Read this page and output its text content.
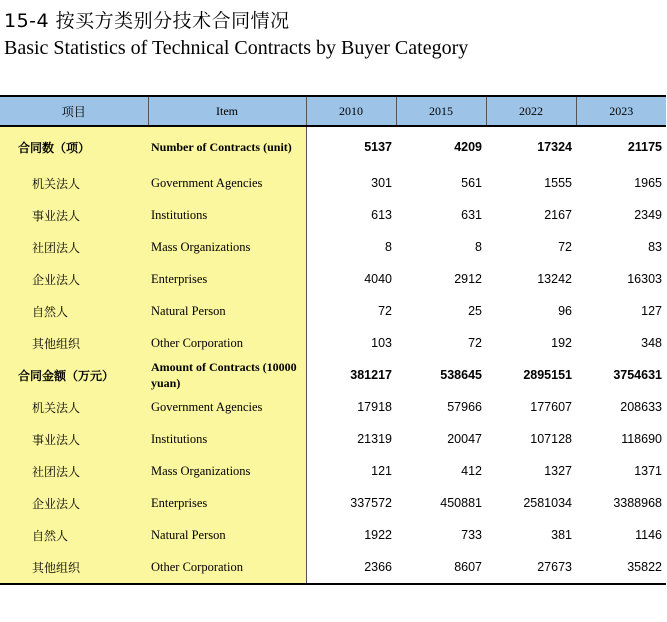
15-4 按买方类别分技术合同情况
Basic Statistics of Technical Contracts by Buyer Category
项目	Item	2010	2015	2022	2023
合同数（项）	Number of Contracts (unit)	5137	4209	17324	21175
机关法人	Government Agencies	301	561	1555	1965
事业法人	Institutions	613	631	2167	2349
社团法人	Mass Organizations	8	8	72	83
企业法人	Enterprises	4040	2912	13242	16303
自然人	Natural Person	72	25	96	127
其他组织	Other Corporation	103	72	192	348
合同金额（万元）	Amount of Contracts (10000 yuan)	381217	538645	2895151	3754631
机关法人	Government Agencies	17918	57966	177607	208633
事业法人	Institutions	21319	20047	107128	118690
社团法人	Mass Organizations	121	412	1327	1371
企业法人	Enterprises	337572	450881	2581034	3388968
自然人	Natural Person	1922	733	381	1146
其他组织	Other Corporation	2366	8607	27673	35822
